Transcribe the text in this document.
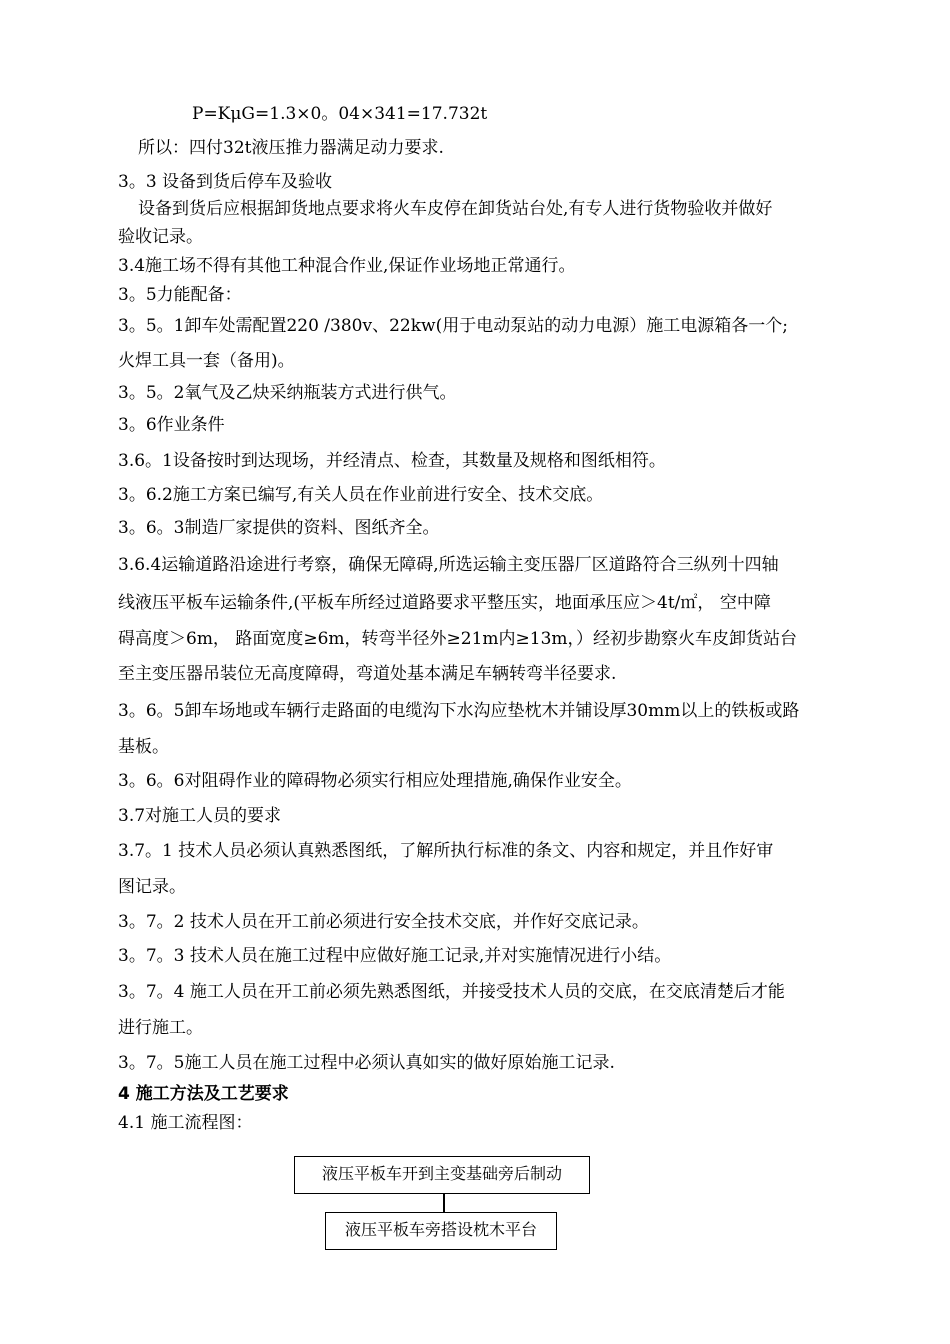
P=KμG=1.3×0。04×341=17.732t
所以：四付32t液压推力器满足动力要求.
3。3 设备到货后停车及验收
设备到货后应根据卸货地点要求将火车皮停在卸货站台处,有专人进行货物验收并做好
验收记录。
3.4施工场不得有其他工种混合作业,保证作业场地正常通行。
3。5力能配备：
3。5。1卸车处需配置220 /380v、22kw(用于电动泵站的动力电源）施工电源箱各一个;
火焊工具一套（备用)。
3。5。2氧气及乙炔采纳瓶装方式进行供气。
3。6作业条件
3.6。1设备按时到达现场，并经清点、检查，其数量及规格和图纸相符。
3。6.2施工方案已编写,有关人员在作业前进行安全、技术交底。
3。6。3制造厂家提供的资料、图纸齐全。
3.6.4运输道路沿途进行考察，确保无障碍,所选运输主变压器厂区道路符合三纵列十四轴
线液压平板车运输条件,(平板车所经过道路要求平整压实，地面承压应＞4t/㎡， 空中障
碍高度＞6m， 路面宽度≥6m，转弯半径外≥21m内≥13m，）经初步勘察火车皮卸货站台
至主变压器吊装位无高度障碍，弯道处基本满足车辆转弯半径要求.
3。6。5卸车场地或车辆行走路面的电缆沟下水沟应垫枕木并铺设厚30mm以上的铁板或路
基板。
3。6。6对阻碍作业的障碍物必须实行相应处理措施,确保作业安全。
3.7对施工人员的要求
3.7。1 技术人员必须认真熟悉图纸，了解所执行标准的条文、内容和规定，并且作好审
图记录。
3。7。2 技术人员在开工前必须进行安全技术交底，并作好交底记录。
3。7。3 技术人员在施工过程中应做好施工记录,并对实施情况进行小结。
3。7。4 施工人员在开工前必须先熟悉图纸，并接受技术人员的交底，在交底清楚后才能
进行施工。
3。7。5施工人员在施工过程中必须认真如实的做好原始施工记录.
4 施工方法及工艺要求
4.1 施工流程图：
液压平板车开到主变基础旁后制动
液压平板车旁搭设枕木平台
